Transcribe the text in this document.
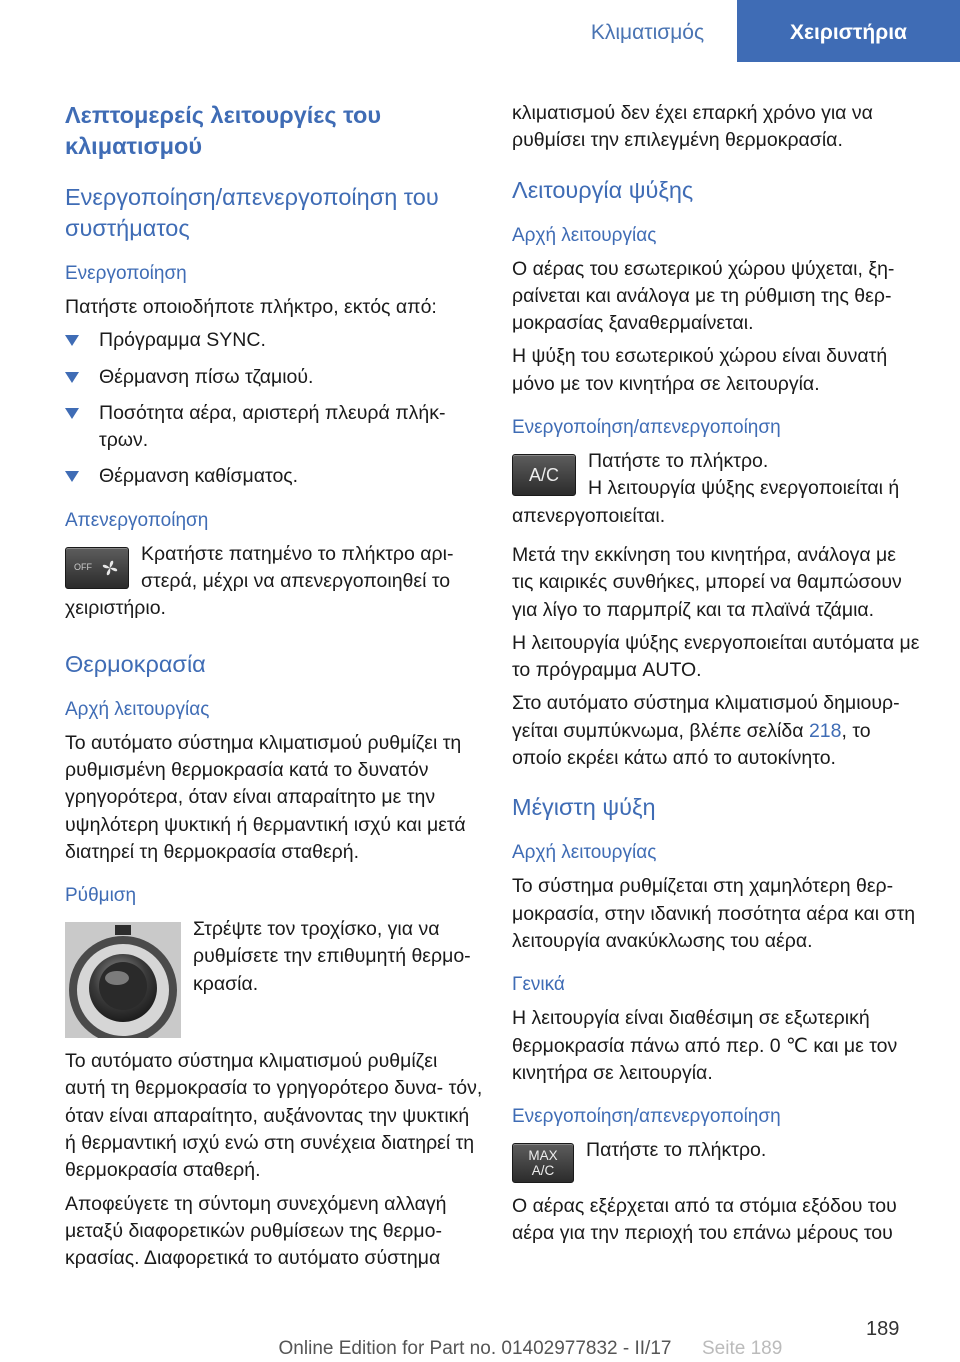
Κλιματισμός	Χειριστήρια
Λεπτομερείς λειτουργίες του κλιματισμού
Ενεργοποίηση/απενεργοποίηση του συστήματος
Ενεργοποίηση
Πατήστε οποιοδήποτε πλήκτρο, εκτός από:
Πρόγραμμα SYNC.
Θέρμανση πίσω τζαμιού.
Ποσότητα αέρα, αριστερή πλευρά πλήκ- τρων.
Θέρμανση καθίσματος.
Απενεργοποίηση
OFF
Κρατήστε πατημένο το πλήκτρο αρι- στερά, μέχρι να απενεργοποιηθεί το χειριστήριο.
Θερμοκρασία
Αρχή λειτουργίας
Το αυτόματο σύστημα κλιματισμού ρυθμίζει τη ρυθμισμένη θερμοκρασία κατά το δυνατόν γρηγορότερα, όταν είναι απαραίτητο με την υψηλότερη ψυκτική ή θερμαντική ισχύ και μετά διατηρεί τη θερμοκρασία σταθερή.
Ρύθμιση
Στρέψτε τον τροχίσκο, για να ρυθμίσετε την επιθυμητή θερμο- κρασία.
Το αυτόματο σύστημα κλιματισμού ρυθμίζει αυτή τη θερμοκρασία το γρηγορότερο δυνα- τόν, όταν είναι απαραίτητο, αυξάνοντας την ψυκτική ή θερμαντική ισχύ ενώ στη συνέχεια διατηρεί τη θερμοκρασία σταθερή.
Αποφεύγετε τη σύντομη συνεχόμενη αλλαγή μεταξύ διαφορετικών ρυθμίσεων της θερμο- κρασίας. Διαφορετικά το αυτόματο σύστημα
κλιματισμού δεν έχει επαρκή χρόνο για να ρυθμίσει την επιλεγμένη θερμοκρασία.
Λειτουργία ψύξης
Αρχή λειτουργίας
Ο αέρας του εσωτερικού χώρου ψύχεται, ξη- ραίνεται και ανάλογα με τη ρύθμιση της θερ- μοκρασίας ξαναθερμαίνεται.
Η ψύξη του εσωτερικού χώρου είναι δυνατή μόνο με τον κινητήρα σε λειτουργία.
Ενεργοποίηση/απενεργοποίηση
A/C
Πατήστε το πλήκτρο.
Η λειτουργία ψύξης ενεργοποιείται ή απενεργοποιείται.
Μετά την εκκίνηση του κινητήρα, ανάλογα με τις καιρικές συνθήκες, μπορεί να θαμπώσουν για λίγο το παρμπρίζ και τα πλαϊνά τζάμια.
Η λειτουργία ψύξης ενεργοποιείται αυτόματα με το πρόγραμμα AUTO.
Στο αυτόματο σύστημα κλιματισμού δημιουρ- γείται συμπύκνωμα, βλέπε σελίδα 218, το οποίο εκρέει κάτω από το αυτοκίνητο.
Μέγιστη ψύξη
Αρχή λειτουργίας
Το σύστημα ρυθμίζεται στη χαμηλότερη θερ- μοκρασία, στην ιδανική ποσότητα αέρα και στη λειτουργία ανακύκλωσης του αέρα.
Γενικά
Η λειτουργία είναι διαθέσιμη σε εξωτερική θερμοκρασία πάνω από περ. 0 ℃ και με τον κινητήρα σε λειτουργία.
Ενεργοποίηση/απενεργοποίηση
MAX
A/C
Πατήστε το πλήκτρο.
Ο αέρας εξέρχεται από τα στόμια εξόδου του αέρα για την περιοχή του επάνω μέρους του
189
Seite 189
Online Edition for Part no. 01402977832 - II/17
